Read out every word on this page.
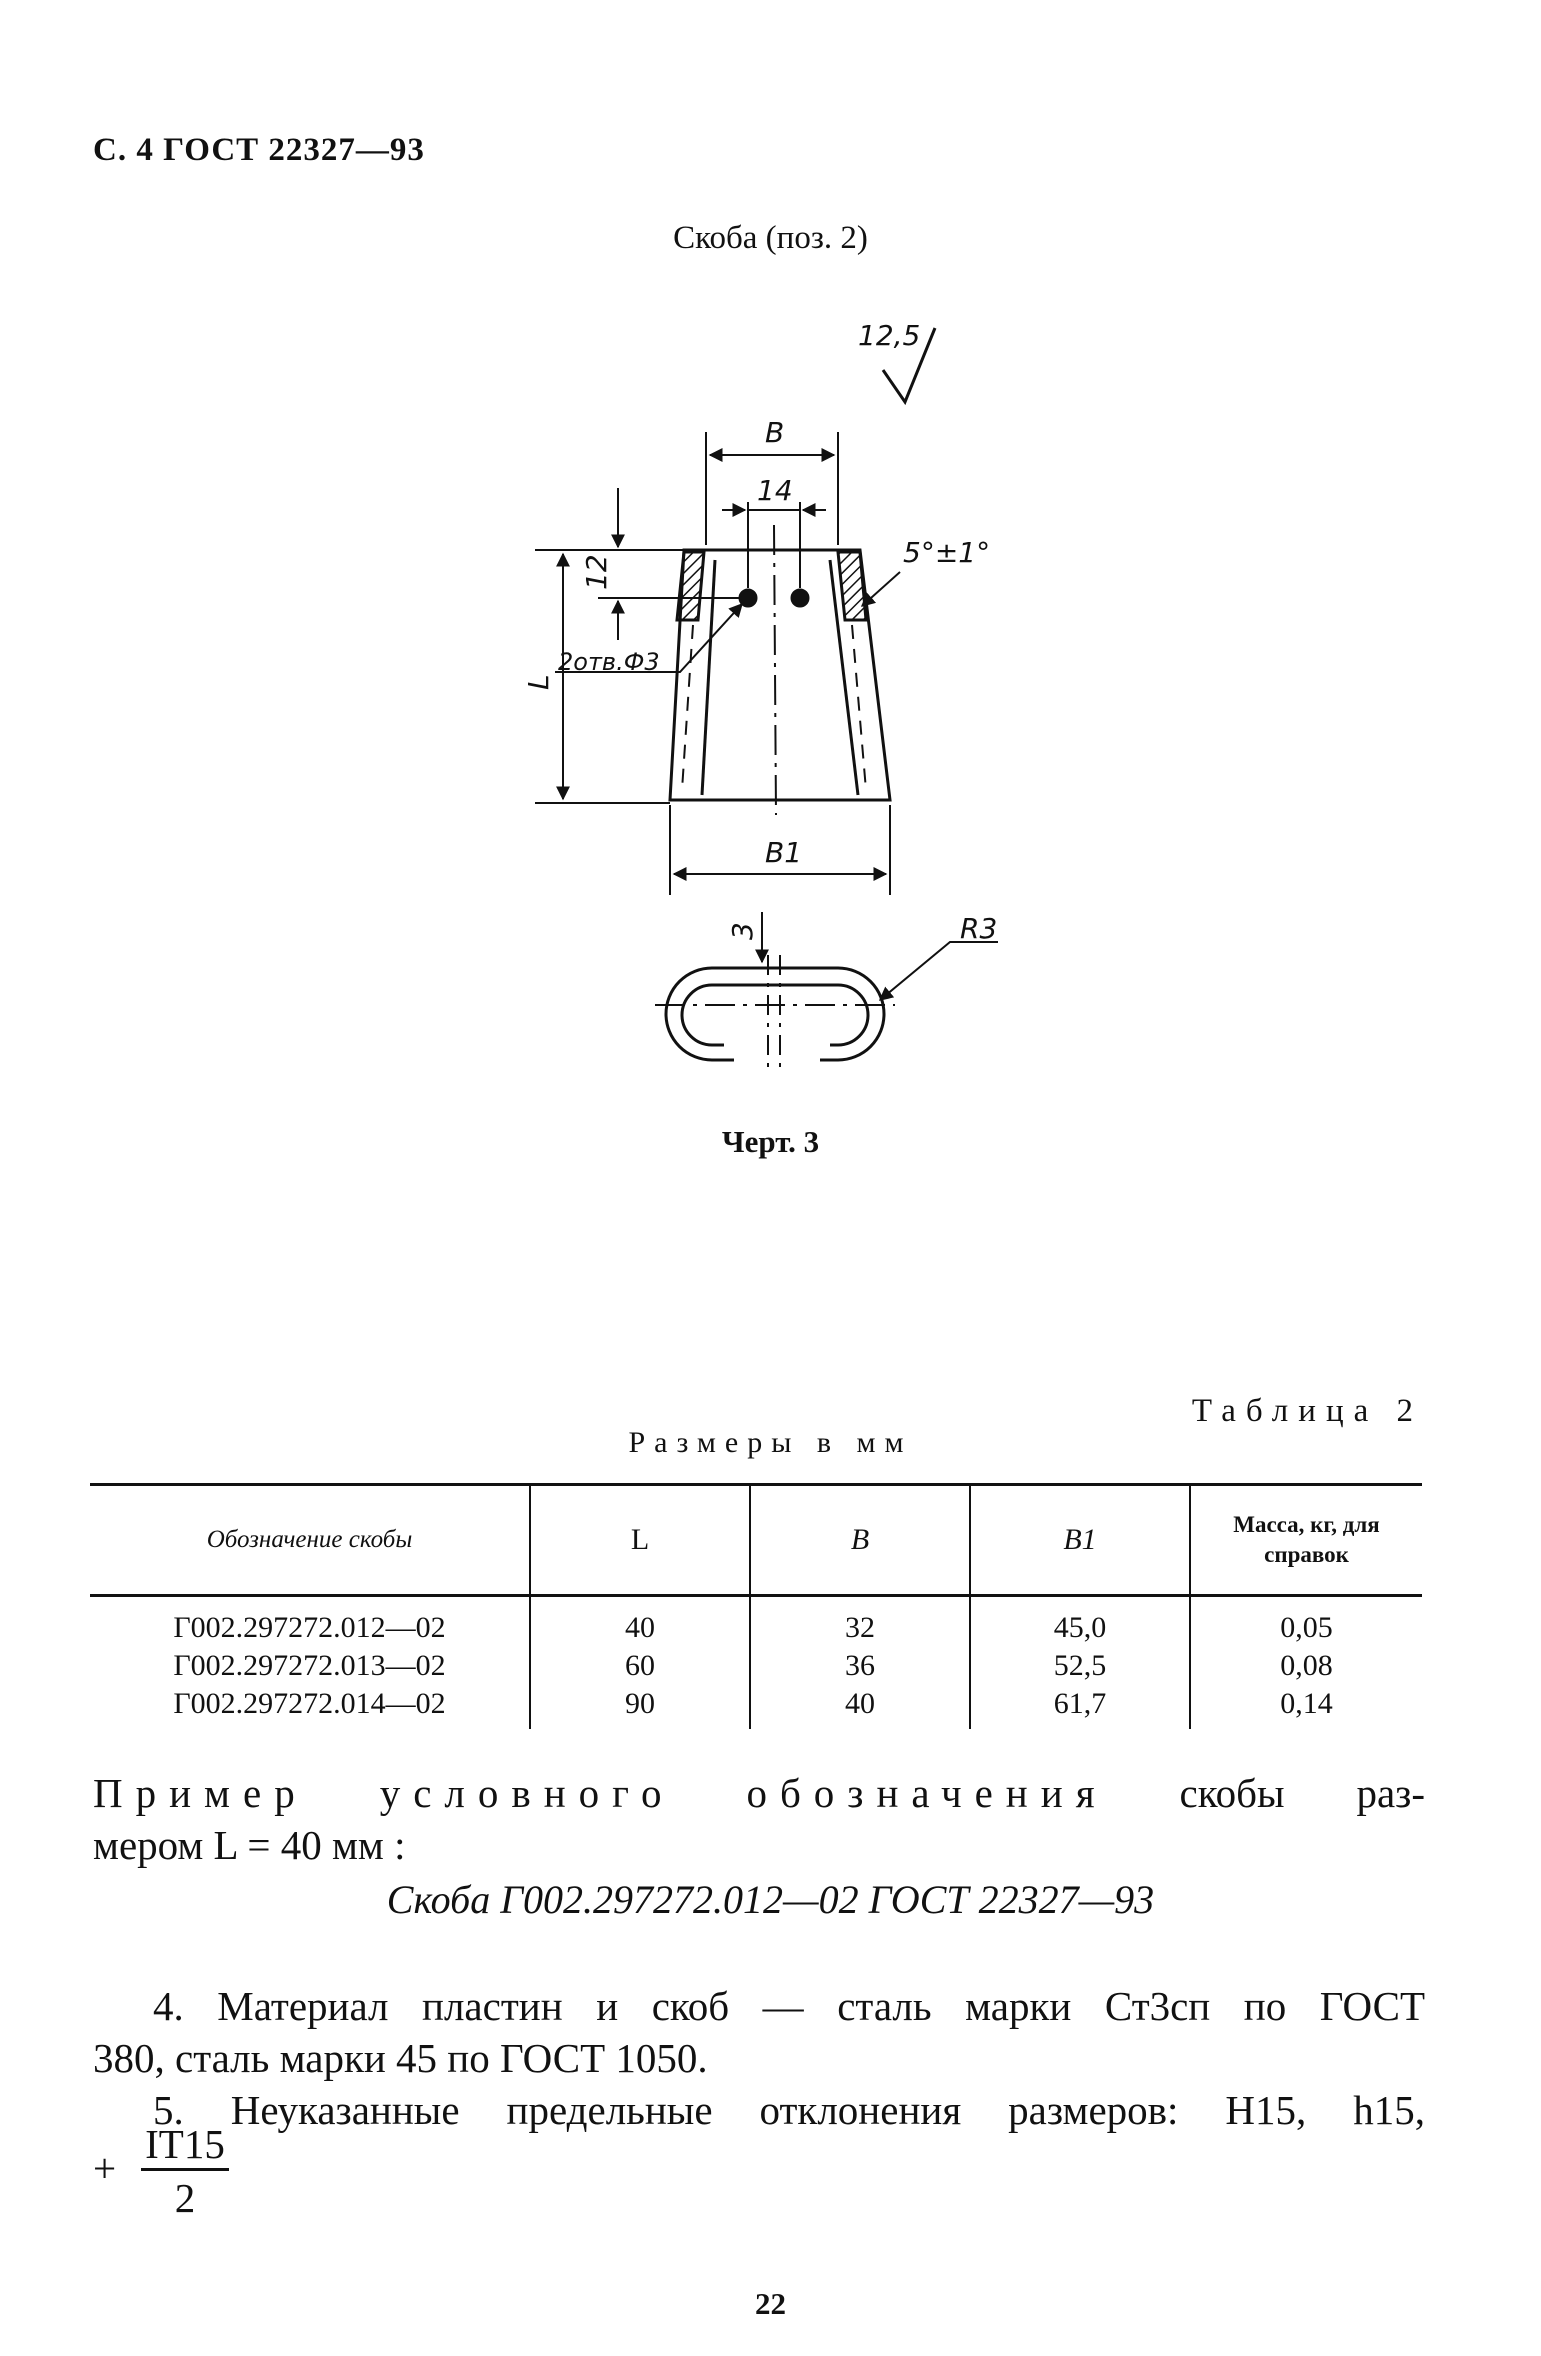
С. 4 ГОСТ 22327—93
Скоба (поз. 2)
12,5
B
14
12
5°±1°
2отв.Ф3
L
B1
3	R3
Черт. 3
Таблица 2
Размеры в мм
Обозначение скобы	L	B	B1	Масса, кг, для справок
Г002.297272.012—02	40	32	45,0	0,05
Г002.297272.013—02	60	36	52,5	0,08
Г002.297272.014—02	90	40	61,7	0,14
Пример условного обозначения скобы раз-
мером L = 40 мм :
Скоба Г002.297272.012—02 ГОСТ 22327—93
4. Материал пластин и скоб — сталь марки Ст3сп по ГОСТ
380, сталь марки 45 по ГОСТ 1050.
5. Неуказанные предельные отклонения размеров: H15, h15,
+
IT15
2
22
